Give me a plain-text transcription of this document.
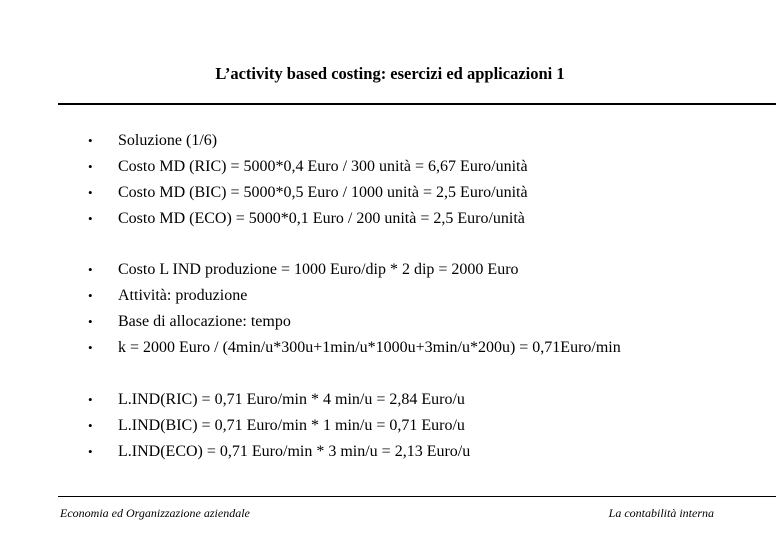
L’activity based costing: esercizi ed applicazioni 1
• Soluzione (1/6)
• Costo MD (RIC) = 5000*0,4 Euro / 300 unità = 6,67 Euro/unità
• Costo MD (BIC) = 5000*0,5 Euro / 1000 unità = 2,5 Euro/unità
• Costo MD (ECO) = 5000*0,1 Euro / 200 unità = 2,5 Euro/unità
• Costo L IND produzione = 1000 Euro/dip * 2 dip = 2000 Euro
• Attività: produzione
• Base di allocazione: tempo
• k = 2000 Euro / (4min/u*300u+1min/u*1000u+3min/u*200u) = 0,71Euro/min
• L.IND(RIC) = 0,71 Euro/min * 4 min/u = 2,84 Euro/u
• L.IND(BIC) = 0,71 Euro/min * 1 min/u = 0,71 Euro/u
• L.IND(ECO) = 0,71 Euro/min * 3 min/u = 2,13 Euro/u
Economia ed Organizzazione aziendale	La contabilità interna
